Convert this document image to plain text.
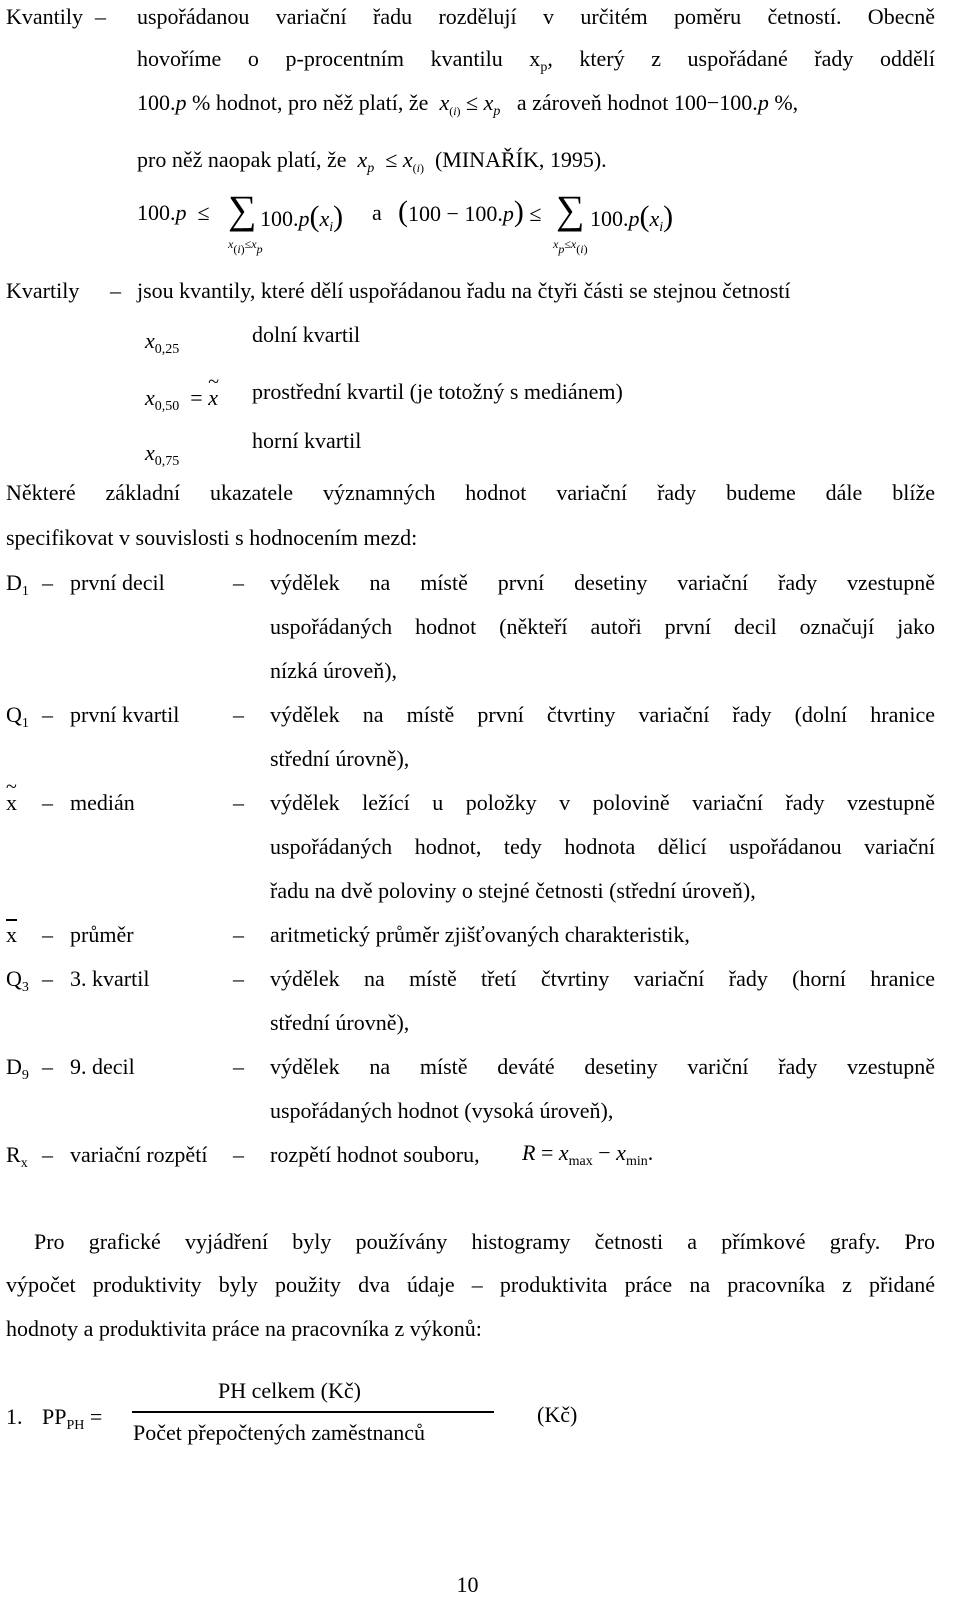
Kvantily – uspořádanou variační řadu rozdělují v určitém poměru četností. Obecně
hovoříme o p-procentním kvantilu $x_p$, který z uspořádané řady oddělí
100.p % hodnot, pro něž platí, že $x_{(i)} \le x_p$ a zároveň hodnot 100−100.p %,
pro něž naopak platí, že $x_p \le x_{(i)}$ (MINAŘÍK, 1995).
100.p  ≤ ∑ $100.p(x_i)$
$x_{(i)}\le x_p$
a (100 − 100.p) ≤ ∑ $100.p(x_i)$
$x_p\le x_{(i)}$
Kvartily – jsou kvantily, které dělí uspořádanou řadu na čtyři části se stejnou četností
$x_{0,25}$
dolní kvartil
$x_{0,50}$  = ~ x prostřední kvartil (je totožný s mediánem)
$x_{0,75}$
horní kvartil
Některé základní ukazatele významných hodnot variační řady budeme dále blíže
specifikovat v souvislosti s hodnocením mezd:
$D_1$ – první decil	– výdělek na místě první desetiny variační řady vzestupně
uspořádaných hodnot (někteří autoři první decil označují jako
nízká úroveň),
$Q_1$ – první kvartil – výdělek na místě první čtvrtiny variační řady (dolní hranice
střední úrovně),
~ x – medián	– výdělek ležící u položky v polovině variační řady vzestupně
uspořádaných hodnot, tedy hodnota dělicí uspořádanou variační
řadu na dvě poloviny o stejné četnosti (střední úroveň),
x – průměr	– aritmetický průměr zjišťovaných charakteristik,
$Q_3 - 3$. kvartil	– výdělek na místě třetí čtvrtiny variační řady (horní hranice
střední úrovně),
$D_9 - 9$. decil	– výdělek na místě deváté desetiny variční řady vzestupně
uspořádaných hodnot (vysoká úroveň),
$R_x$ – variační rozpětí – rozpětí hodnot souboru, $R = x_{max} - x_{min}$.
Pro grafické vyjádření byly používány histogramy četnosti a přímkové grafy. Pro
výpočet produktivity byly použity dva údaje – produktivita práce na pracovníka z přidané
hodnoty a produktivita práce na pracovníka z výkonů:
1. $PP_{PH}$ =
PH celkem (Kč)
Počet přepočtených zaměstnanců
(Kč)
10
